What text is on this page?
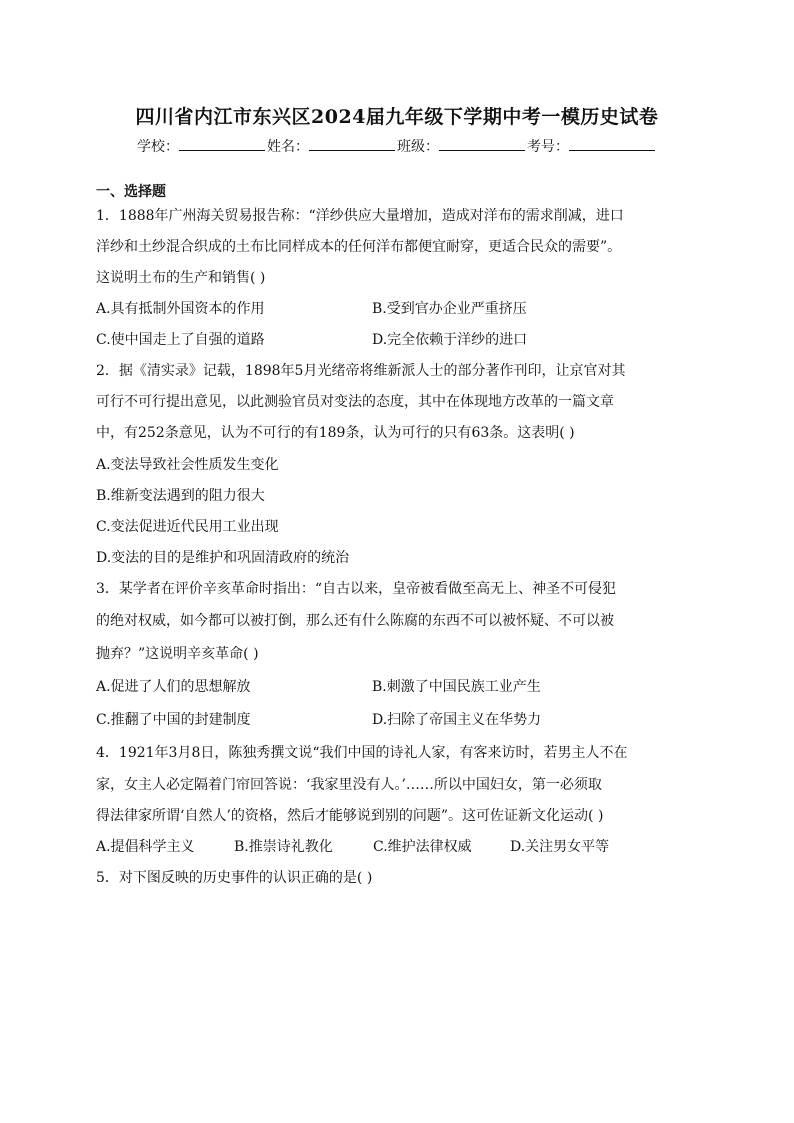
四川省内江市东兴区2024届九年级下学期中考一模历史试卷
学校：	姓名：	班级：	考号：
一、选择题
1．1888年广州海关贸易报告称：“洋纱供应大量增加，造成对洋布的需求削减，进口
洋纱和土纱混合织成的土布比同样成本的任何洋布都便宜耐穿，更适合民众的需要”。
这说明土布的生产和销售( )
A.具有抵制外国资本的作用	B.受到官办企业严重挤压
C.使中国走上了自强的道路	D.完全依赖于洋纱的进口
2．据《清实录》记载，1898年5月光绪帝将维新派人士的部分著作刊印，让京官对其
可行不可行提出意见，以此测验官员对变法的态度，其中在体现地方改革的一篇文章
中，有252条意见，认为不可行的有189条，认为可行的只有63条。这表明( )
A.变法导致社会性质发生变化
B.维新变法遇到的阻力很大
C.变法促进近代民用工业出现
D.变法的目的是维护和巩固清政府的统治
3．某学者在评价辛亥革命时指出：“自古以来，皇帝被看做至高无上、神圣不可侵犯
的绝对权威，如今都可以被打倒，那么还有什么陈腐的东西不可以被怀疑、不可以被
抛弃？”这说明辛亥革命( )
A.促进了人们的思想解放	B.刺激了中国民族工业产生
C.推翻了中国的封建制度	D.扫除了帝国主义在华势力
4．1921年3月8日，陈独秀撰文说“我们中国的诗礼人家，有客来访时，若男主人不在
家，女主人必定隔着门帘回答说：‘我家里没有人。’……所以中国妇女，第一必须取
得法律家所谓‘自然人’的资格，然后才能够说到别的问题”。这可佐证新文化运动( )
A.提倡科学主义	B.推崇诗礼教化	C.维护法律权威	D.关注男女平等
5．对下图反映的历史事件的认识正确的是( )
